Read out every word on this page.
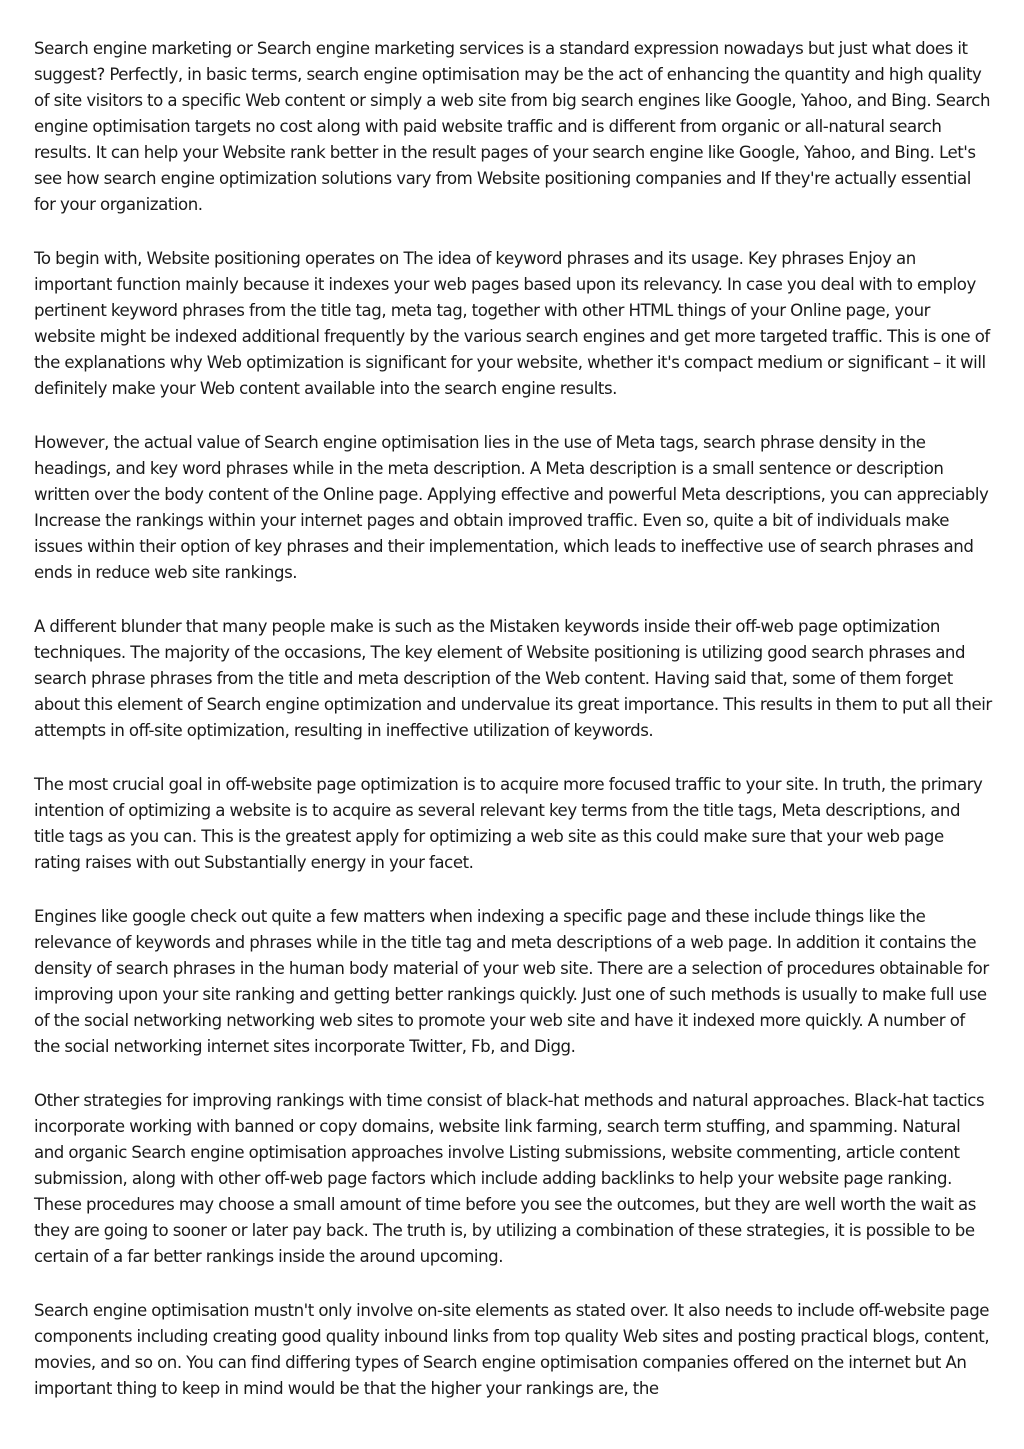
Search engine marketing or Search engine marketing services is a standard expression nowadays but just what does it suggest? Perfectly, in basic terms, search engine optimisation may be the act of enhancing the quantity and high quality of site visitors to a specific Web content or simply a web site from big search engines like Google, Yahoo, and Bing. Search engine optimisation targets no cost along with paid website traffic and is different from organic or all-natural search results. It can help your Website rank better in the result pages of your search engine like Google, Yahoo, and Bing. Let's see how search engine optimization solutions vary from Website positioning companies and If they're actually essential for your organization.

To begin with, Website positioning operates on The idea of keyword phrases and its usage. Key phrases Enjoy an important function mainly because it indexes your web pages based upon its relevancy. In case you deal with to employ pertinent keyword phrases from the title tag, meta tag, together with other HTML things of your Online page, your website might be indexed additional frequently by the various search engines and get more targeted traffic. This is one of the explanations why Web optimization is significant for your website, whether it's compact medium or significant – it will definitely make your Web content available into the search engine results.

However, the actual value of Search engine optimisation lies in the use of Meta tags, search phrase density in the headings, and key word phrases while in the meta description. A Meta description is a small sentence or description written over the body content of the Online page. Applying effective and powerful Meta descriptions, you can appreciably Increase the rankings within your internet pages and obtain improved traffic. Even so, quite a bit of individuals make issues within their option of key phrases and their implementation, which leads to ineffective use of search phrases and ends in reduce web site rankings.

A different blunder that many people make is such as the Mistaken keywords inside their off-web page optimization techniques. The majority of the occasions, The key element of Website positioning is utilizing good search phrases and search phrase phrases from the title and meta description of the Web content. Having said that, some of them forget about this element of Search engine optimization and undervalue its great importance. This results in them to put all their attempts in off-site optimization, resulting in ineffective utilization of keywords.

The most crucial goal in off-website page optimization is to acquire more focused traffic to your site. In truth, the primary intention of optimizing a website is to acquire as several relevant key terms from the title tags, Meta descriptions, and title tags as you can. This is the greatest apply for optimizing a web site as this could make sure that your web page rating raises with out Substantially energy in your facet.

Engines like google check out quite a few matters when indexing a specific page and these include things like the relevance of keywords and phrases while in the title tag and meta descriptions of a web page. In addition it contains the density of search phrases in the human body material of your web site. There are a selection of procedures obtainable for improving upon your site ranking and getting better rankings quickly. Just one of such methods is usually to make full use of the social networking networking web sites to promote your web site and have it indexed more quickly. A number of the social networking internet sites incorporate Twitter, Fb, and Digg.

Other strategies for improving rankings with time consist of black-hat methods and natural approaches. Black-hat tactics incorporate working with banned or copy domains, website link farming, search term stuffing, and spamming. Natural and organic Search engine optimisation approaches involve Listing submissions, website commenting, article content submission, along with other off-web page factors which include adding backlinks to help your website page ranking. These procedures may choose a small amount of time before you see the outcomes, but they are well worth the wait as they are going to sooner or later pay back. The truth is, by utilizing a combination of these strategies, it is possible to be certain of a far better rankings inside the around upcoming.

Search engine optimisation mustn't only involve on-site elements as stated over. It also needs to include off-website page components including creating good quality inbound links from top quality Web sites and posting practical blogs, content, movies, and so on. You can find differing types of Search engine optimisation companies offered on the internet but An important thing to keep in mind would be that the higher your rankings are, the
